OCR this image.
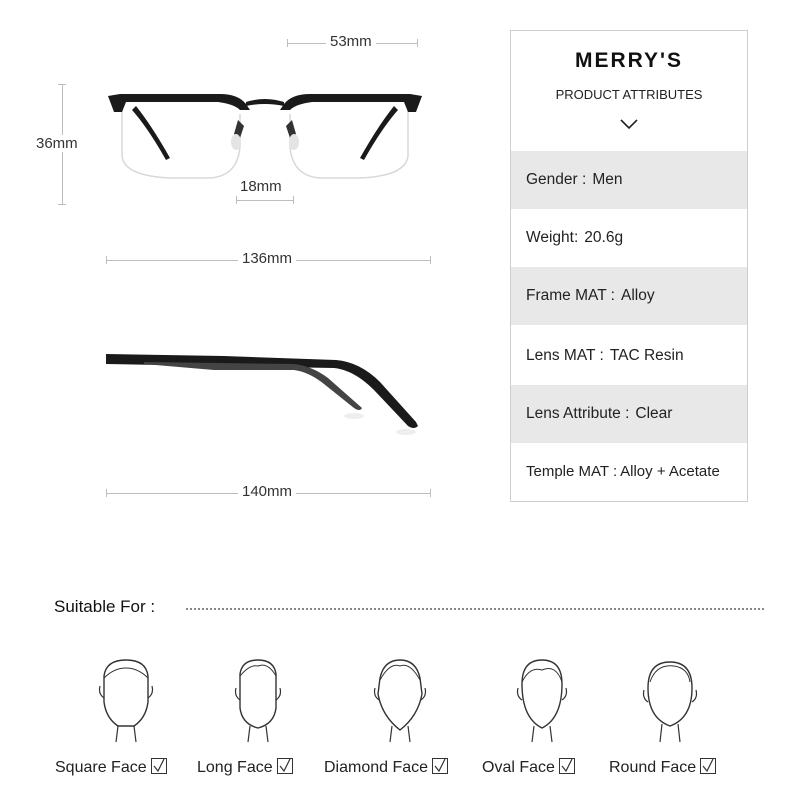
53mm
36mm
18mm
136mm
140mm
MERRY'S
PRODUCT ATTRIBUTES
Gender : Men
Weight: 20.6g
Frame MAT : Alloy
Lens MAT : TAC Resin
Lens Attribute : Clear
Temple MAT : Alloy + Acetate
Suitable For :
Square Face	Long Face	Diamond Face	Oval Face	Round Face
